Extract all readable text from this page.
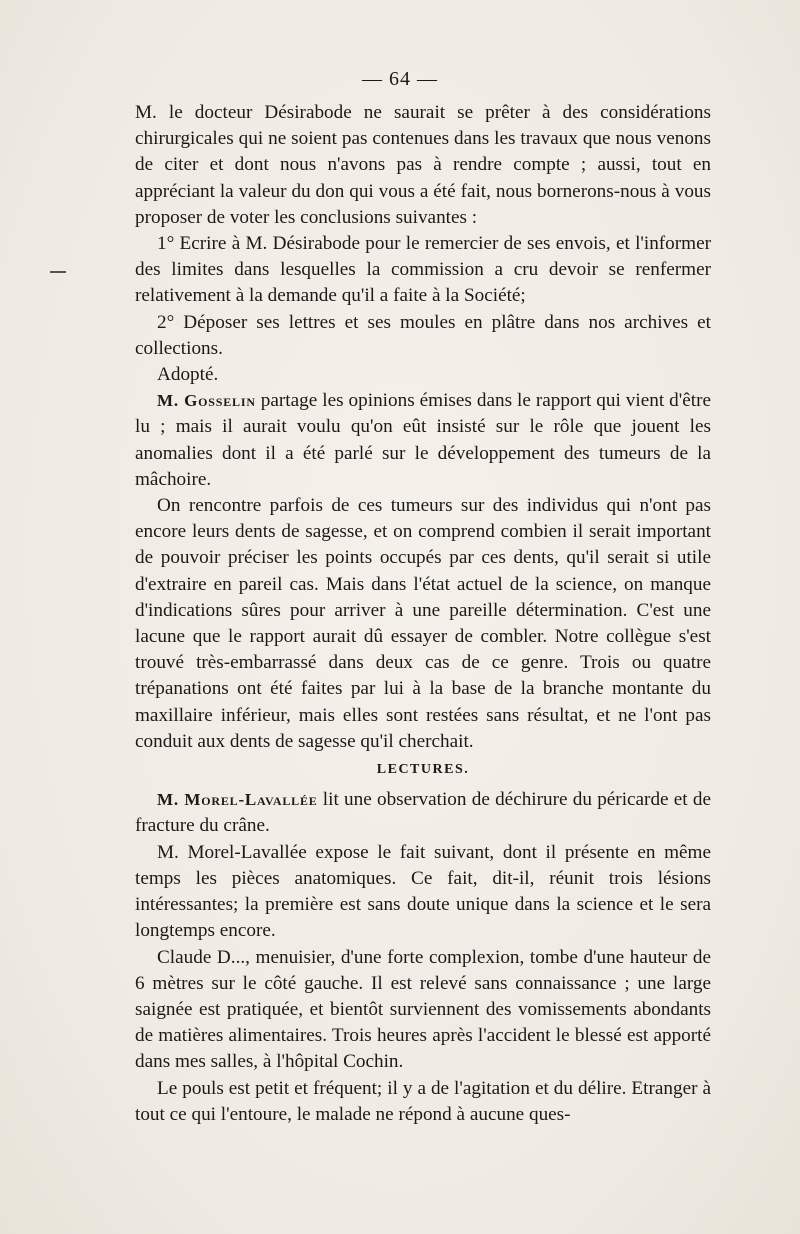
— 64 —

M. le docteur Désirabode ne saurait se prêter à des considérations chirurgicales qui ne soient pas contenues dans les travaux que nous venons de citer et dont nous n'avons pas à rendre compte ; aussi, tout en appréciant la valeur du don qui vous a été fait, nous bornerons-nous à vous proposer de voter les conclusions suivantes :

1° Ecrire à M. Désirabode pour le remercier de ses envois, et l'informer des limites dans lesquelles la commission a cru devoir se renfermer relativement à la demande qu'il a faite à la Société;

2° Déposer ses lettres et ses moules en plâtre dans nos archives et collections.

Adopté.

M. Gosselin partage les opinions émises dans le rapport qui vient d'être lu ; mais il aurait voulu qu'on eût insisté sur le rôle que jouent les anomalies dont il a été parlé sur le développement des tumeurs de la mâchoire.

On rencontre parfois de ces tumeurs sur des individus qui n'ont pas encore leurs dents de sagesse, et on comprend combien il serait important de pouvoir préciser les points occupés par ces dents, qu'il serait si utile d'extraire en pareil cas. Mais dans l'état actuel de la science, on manque d'indications sûres pour arriver à une pareille détermination. C'est une lacune que le rapport aurait dû essayer de combler. Notre collègue s'est trouvé très-embarrassé dans deux cas de ce genre. Trois ou quatre trépanations ont été faites par lui à la base de la branche montante du maxillaire inférieur, mais elles sont restées sans résultat, et ne l'ont pas conduit aux dents de sagesse qu'il cherchait.

LECTURES.

M. Morel-Lavallée lit une observation de déchirure du péricarde et de fracture du crâne.

M. Morel-Lavallée expose le fait suivant, dont il présente en même temps les pièces anatomiques. Ce fait, dit-il, réunit trois lésions intéressantes; la première est sans doute unique dans la science et le sera longtemps encore.

Claude D..., menuisier, d'une forte complexion, tombe d'une hauteur de 6 mètres sur le côté gauche. Il est relevé sans connaissance ; une large saignée est pratiquée, et bientôt surviennent des vomissements abondants de matières alimentaires. Trois heures après l'accident le blessé est apporté dans mes salles, à l'hôpital Cochin.

Le pouls est petit et fréquent; il y a de l'agitation et du délire. Etranger à tout ce qui l'entoure, le malade ne répond à aucune ques-
